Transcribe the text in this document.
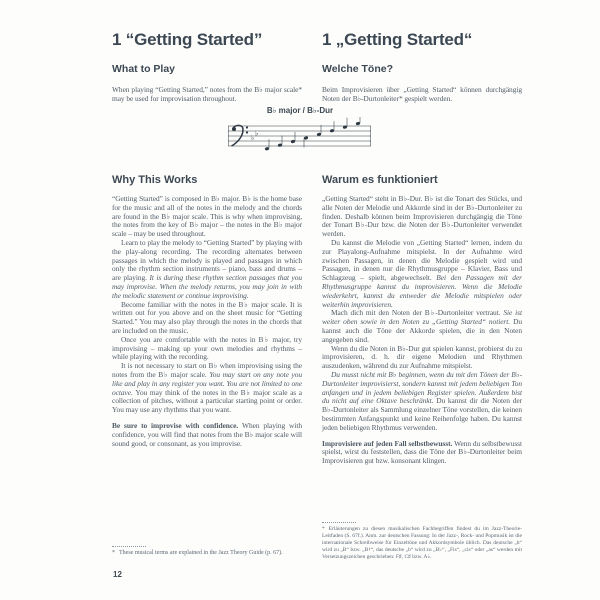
1 “Getting Started”
What to Play

When playing “Getting Started,” notes from the B♭ major scale* may be used for improvisation throughout.

1 „Getting Started“
Welche Töne?

Beim Improvisieren über „Getting Started“ können durchgängig Noten der B♭-Durtonleiter* gespielt werden.

B♭ major / B♭-Dur
♭
♭
Why This Works

“Getting Started” is composed in B♭ major. B♭ is the home base for the music and all of the notes in the melody and the chords are found in the B♭ major scale. This is why when improvising, the notes from the key of B♭ major – the notes in the B♭ major scale – may be used throughout.

Learn to play the melody to “Getting Started” by playing with the play-along recording. The recording alternates between passages in which the melody is played and passages in which only the rhythm section instruments – piano, bass and drums – are playing. It is during these rhythm section passages that you may improvise. When the melody returns, you may join in with the melodic statement or continue improvising.

Become familiar with the notes in the B♭ major scale. It is written out for you above and on the sheet music for “Getting Started.” You may also play through the notes in the chords that are included on the music.

Once you are comfortable with the notes in B♭ major, try improvising – making up your own melodies and rhythms – while playing with the recording.

It is not necessary to start on B♭ when improvising using the notes from the B♭ major scale. You may start on any note you like and play in any register you want. You are not limited to one octave. You may think of the notes in the B♭ major scale as a collection of pitches, without a particular starting point or order. You may use any rhythms that you want.

Be sure to improvise with confidence. When playing with confidence, you will find that notes from the B♭ major scale will sound good, or consonant, as you improvise.

Warum es funktioniert

„Getting Started“ steht in B♭-Dur. B♭ ist die Tonart des Stücks, und alle Noten der Melodie und Akkorde sind in der B♭-Durtonleiter zu finden. Deshalb können beim Improvisieren durchgängig die Töne der Tonart B♭-Dur bzw. die Noten der B♭-Durtonleiter verwendet werden.

Du kannst die Melodie von „Getting Started“ lernen, indem du zur Playalong-Aufnahme mitspielst. In der Aufnahme wird zwischen Passagen, in denen die Melodie gespielt wird und Passagen, in denen nur die Rhythmusgruppe – Klavier, Bass und Schlagzeug – spielt, abgewechselt. Bei den Passagen mit der Rhythmusgruppe kannst du improvisieren. Wenn die Melodie wiederkehrt, kannst du entweder die Melodie mitspielen oder weiterhin improvisieren.

Mach dich mit den Noten der B♭-Durtonleiter vertraut. Sie ist weiter oben sowie in den Noten zu „Getting Started“ notiert. Du kannst auch die Töne der Akkorde spielen, die in den Noten angegeben sind.

Wenn du die Noten in B♭-Dur gut spielen kannst, probierst du zu improvisieren, d. h. dir eigene Melodien und Rhythmen auszudenken, während du zur Aufnahme mitspielst.

Du musst nicht mit B♭ beginnen, wenn du mit den Tönen der B♭-Durtonleiter improvisierst, sondern kannst mit jedem beliebigen Ton anfangen und in jedem beliebigen Register spielen. Außerdem bist du nicht auf eine Oktave beschränkt. Du kannst dir die Noten der B♭-Durtonleiter als Sammlung einzelner Töne vorstellen, die keinen bestimmten Anfangspunkt und keine Reihenfolge haben. Du kannst jeden beliebigen Rhythmus verwenden.

Improvisiere auf jeden Fall selbstbewusst. Wenn du selbstbewusst spielst, wirst du feststellen, dass die Töne der B♭-Durtonleiter beim Improvisieren gut bzw. konsonant klingen.

* These musical terms are explained in the Jazz Theory Guide (p. 67).
* Erläuterungen zu diesen musikalischen Fachbegriffen findest du im Jazz-Theorie-Leitfaden (S. 67f.). Anm. zur deutschen Fassung: In der Jazz-, Rock- und Popmusik ist die internationale Schreibweise für Einzeltöne und Akkordsymbole üblich. Das deutsche „h“ wird zu „B“ bzw. „B♮“, das deutsche „b“ wird zu „B♭“, „Fis“, „cis“ oder „as“ werden mit Versetzungszeichen geschrieben: F♯, C♯ bzw. A♭.
12
